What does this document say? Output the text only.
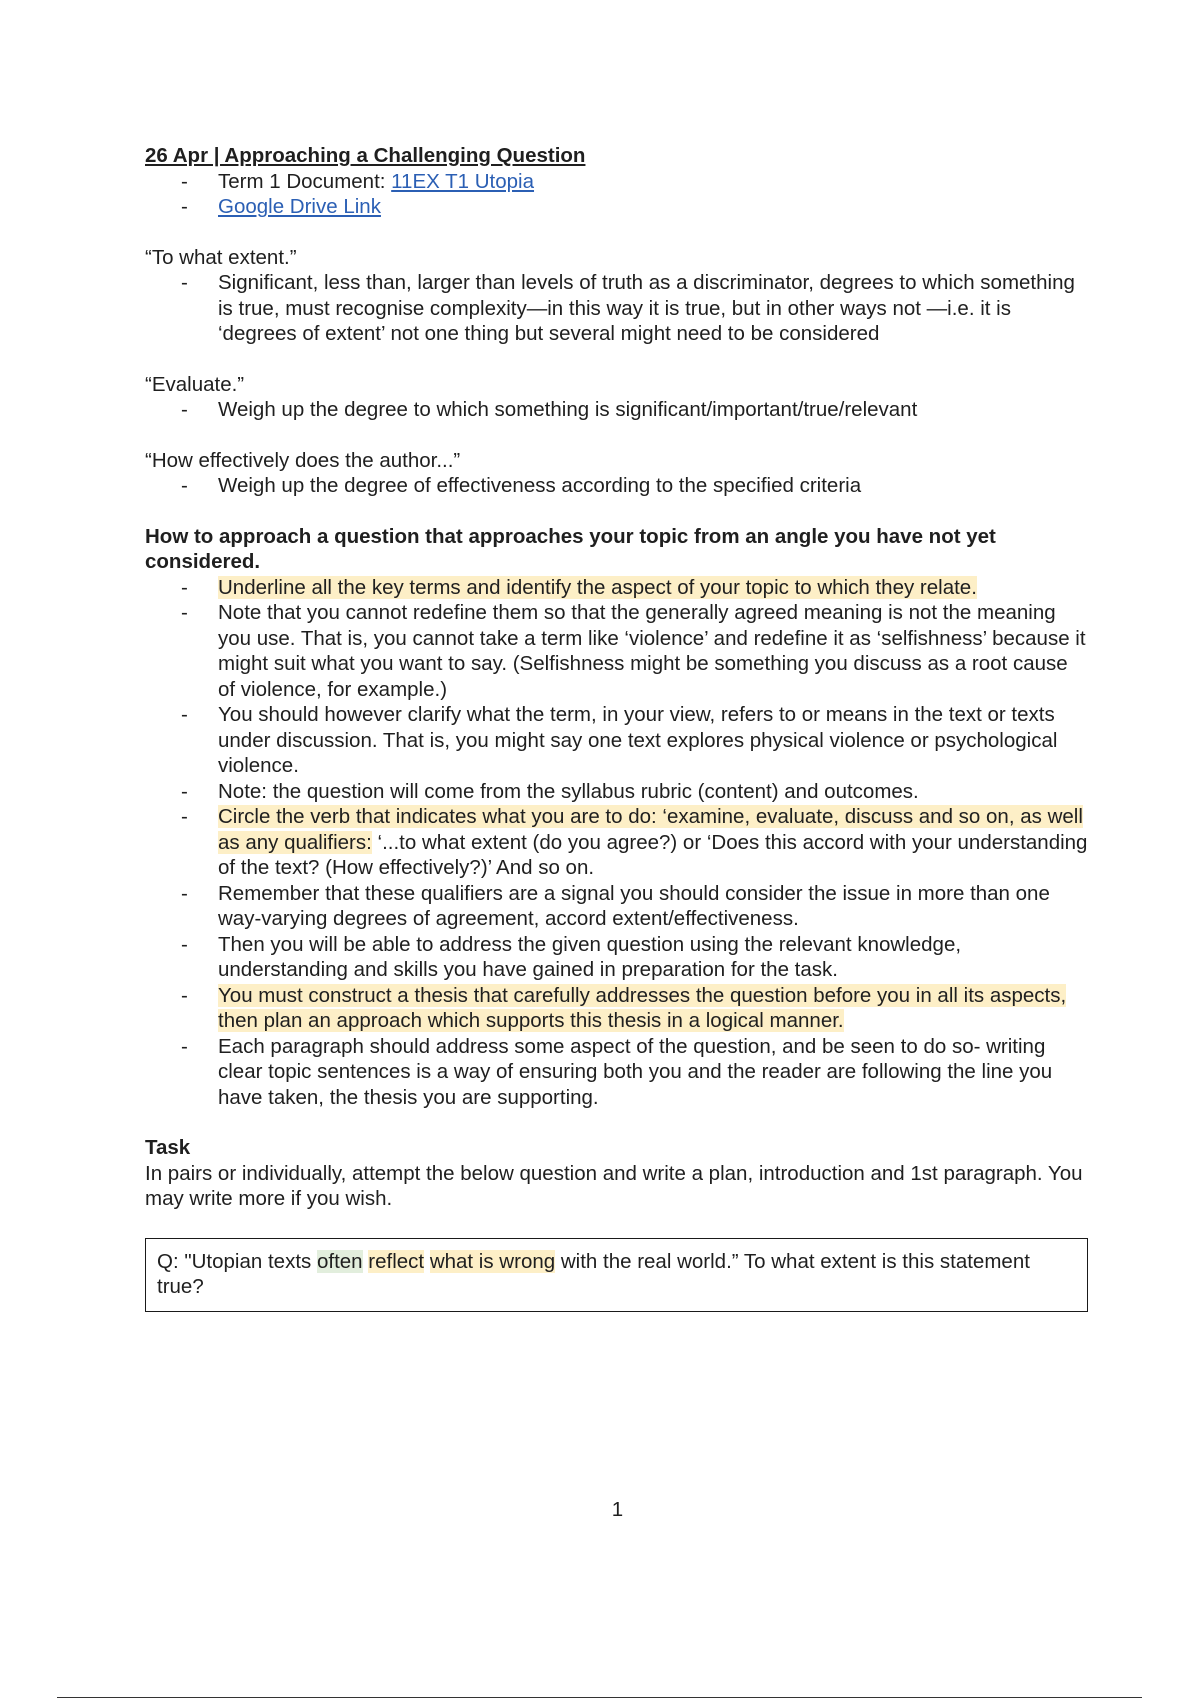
26 Apr | Approaching a Challenging Question

- Term 1 Document: 11EX T1 Utopia
- Google Drive Link
“To what extent.”
- Significant, less than, larger than levels of truth as a discriminator, degrees to which something is true, must recognise complexity—in this way it is true, but in other ways not —i.e. it is ‘degrees of extent’ not one thing but several might need to be considered
“Evaluate.”
- Weigh up the degree to which something is significant/important/true/relevant
“How effectively does the author...”
- Weigh up the degree of effectiveness according to the specified criteria
How to approach a question that approaches your topic from an angle you have not yet considered.
- Underline all the key terms and identify the aspect of your topic to which they relate.
- Note that you cannot redefine them so that the generally agreed meaning is not the meaning you use. That is, you cannot take a term like ‘violence’ and redefine it as ‘selfishness’ because it might suit what you want to say. (Selfishness might be something you discuss as a root cause of violence, for example.)
- You should however clarify what the term, in your view, refers to or means in the text or texts under discussion. That is, you might say one text explores physical violence or psychological violence.
- Note: the question will come from the syllabus rubric (content) and outcomes.
- Circle the verb that indicates what you are to do: ‘examine, evaluate, discuss and so on, as well as any qualifiers: ‘...to what extent (do you agree?) or ‘Does this accord with your understanding of the text? (How effectively?)’ And so on.
- Remember that these qualifiers are a signal you should consider the issue in more than one way-varying degrees of agreement, accord extent/effectiveness.
- Then you will be able to address the given question using the relevant knowledge, understanding and skills you have gained in preparation for the task.
- You must construct a thesis that carefully addresses the question before you in all its aspects, then plan an approach which supports this thesis in a logical manner.
- Each paragraph should address some aspect of the question, and be seen to do so- writing clear topic sentences is a way of ensuring both you and the reader are following the line you have taken, the thesis you are supporting.
Task
In pairs or individually, attempt the below question and write a plan, introduction and 1st paragraph. You may write more if you wish.
Q: "Utopian texts often reflect what is wrong with the real world.” To what extent is this statement true?
1
